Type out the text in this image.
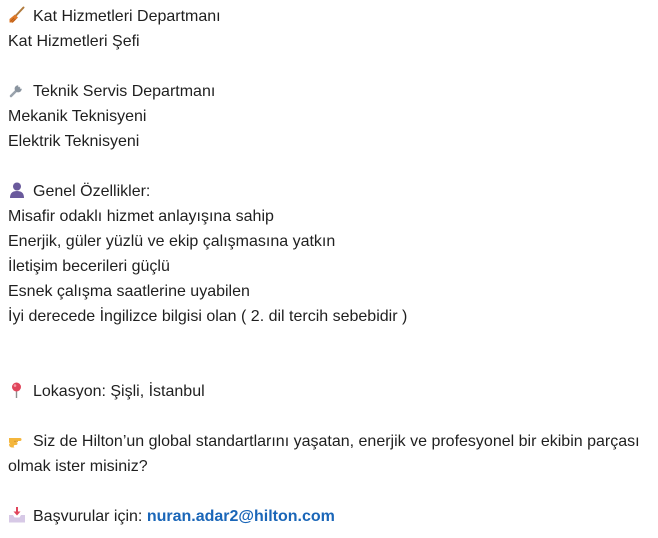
Kat Hizmetleri Departmanı
Kat Hizmetleri Şefi
Teknik Servis Departmanı
Mekanik Teknisyeni
Elektrik Teknisyeni
Genel Özellikler:
Misafir odaklı hizmet anlayışına sahip
Enerjik, güler yüzlü ve ekip çalışmasına yatkın
İletişim becerileri güçlü
Esnek çalışma saatlerine uyabilen
İyi derecede İngilizce bilgisi olan ( 2. dil tercih sebebidir )
Lokasyon: Şişli, İstanbul
Siz de Hilton’un global standartlarını yaşatan, enerjik ve profesyonel bir ekibin parçası olmak ister misiniz?
Başvurular için: nuran.adar2@hilton.com
